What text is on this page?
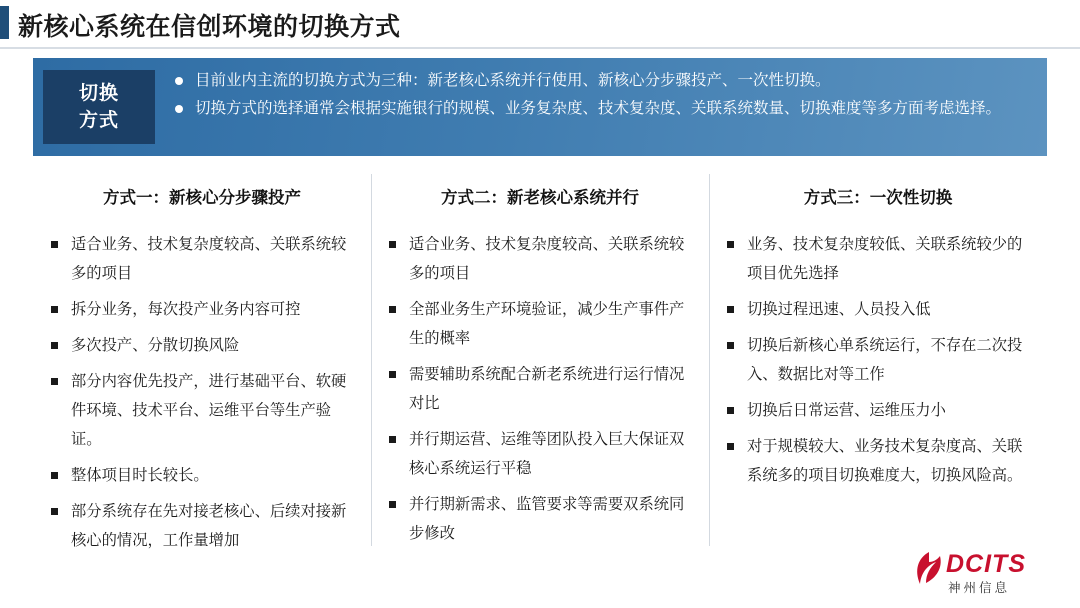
新核心系统在信创环境的切换方式
切换
方式
目前业内主流的切换方式为三种：新老核心系统并行使用、新核心分步骤投产、一次性切换。
切换方式的选择通常会根据实施银行的规模、业务复杂度、技术复杂度、关联系统数量、切换难度等多方面考虑选择。
方式一：新核心分步骤投产
适合业务、技术复杂度较高、关联系统较多的项目
拆分业务，每次投产业务内容可控
多次投产、分散切换风险
部分内容优先投产，进行基础平台、软硬件环境、技术平台、运维平台等生产验证。
整体项目时长较长。
部分系统存在先对接老核心、后续对接新核心的情况，工作量增加
方式二：新老核心系统并行
适合业务、技术复杂度较高、关联系统较多的项目
全部业务生产环境验证，减少生产事件产生的概率
需要辅助系统配合新老系统进行运行情况对比
并行期运营、运维等团队投入巨大保证双核心系统运行平稳
并行期新需求、监管要求等需要双系统同步修改
方式三：一次性切换
业务、技术复杂度较低、关联系统较少的项目优先选择
切换过程迅速、人员投入低
切换后新核心单系统运行，不存在二次投入、数据比对等工作
切换后日常运营、运维压力小
对于规模较大、业务技术复杂度高、关联系统多的项目切换难度大，切换风险高。
DCITS
神州信息
